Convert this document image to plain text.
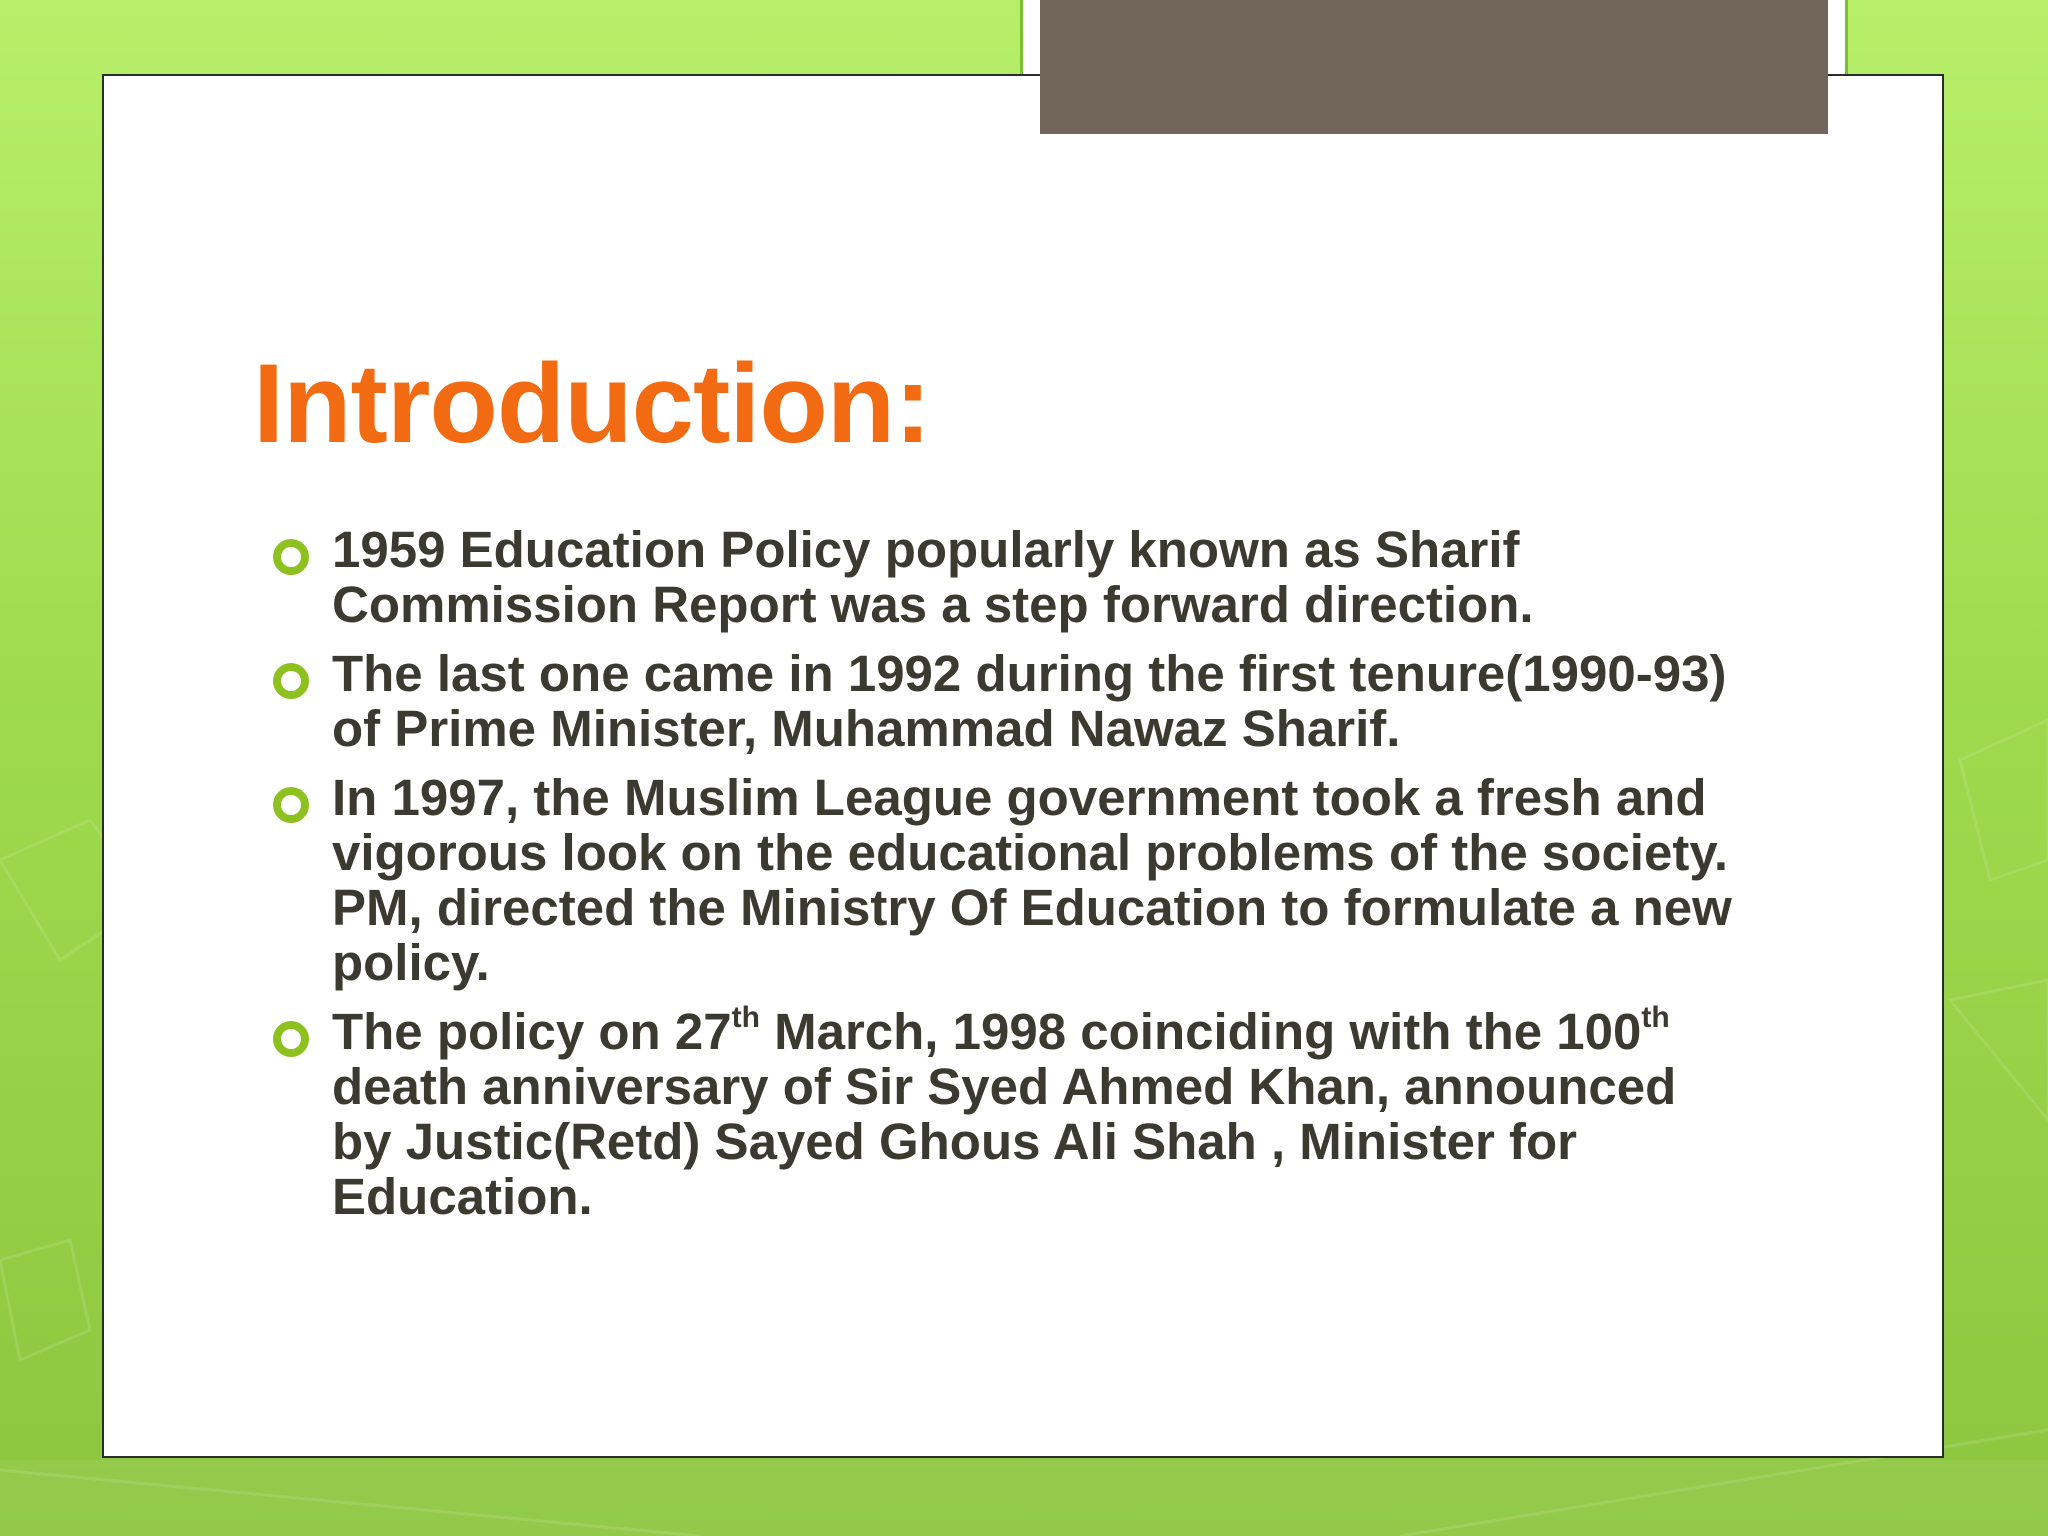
Introduction:
1959 Education Policy popularly known as Sharif Commission Report was a step forward direction.
The last one came in 1992 during the first tenure(1990-93) of Prime Minister, Muhammad Nawaz Sharif.
In 1997, the Muslim League government took a fresh and vigorous look on the educational problems of the society. PM, directed the Ministry Of Education to formulate a new policy.
The policy on 27th March, 1998 coinciding with the 100th death anniversary of Sir Syed Ahmed Khan, announced by Justic(Retd) Sayed Ghous Ali Shah , Minister for Education.
